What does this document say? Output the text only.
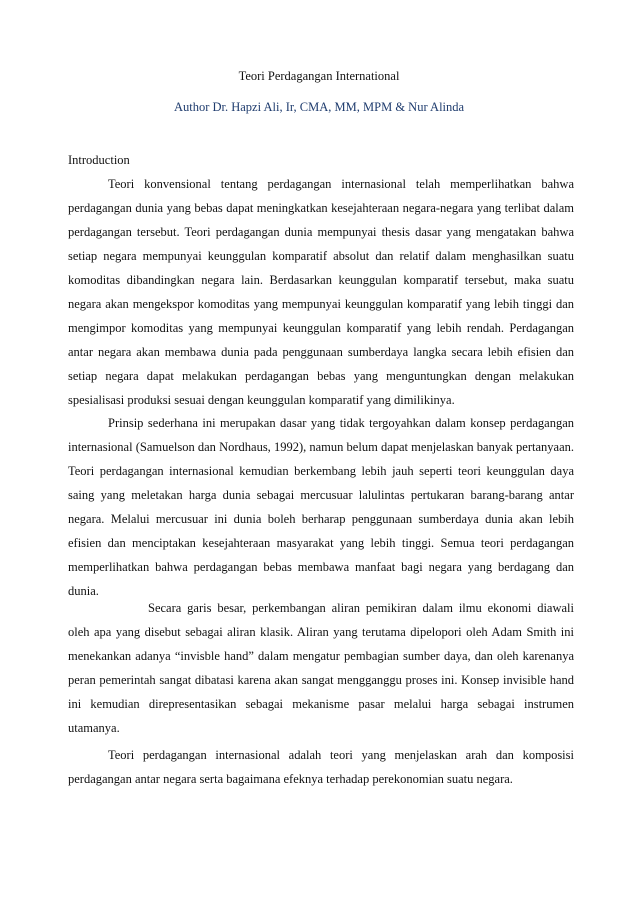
Teori Perdagangan International
Author Dr. Hapzi Ali, Ir, CMA, MM, MPM & Nur Alinda
Introduction

Teori konvensional tentang perdagangan internasional telah memperlihatkan bahwa perdagangan dunia yang bebas dapat meningkatkan kesejahteraan negara-negara yang terlibat dalam perdagangan tersebut. Teori perdagangan dunia mempunyai thesis dasar yang mengatakan bahwa setiap negara mempunyai keunggulan komparatif absolut dan relatif dalam menghasilkan suatu komoditas dibandingkan negara lain. Berdasarkan keunggulan komparatif tersebut, maka suatu negara akan mengekspor komoditas yang mempunyai keunggulan komparatif yang lebih tinggi dan mengimpor komoditas yang mempunyai keunggulan komparatif yang lebih rendah. Perdagangan antar negara akan membawa dunia pada penggunaan sumberdaya langka secara lebih efisien dan setiap negara dapat melakukan perdagangan bebas yang menguntungkan dengan melakukan spesialisasi produksi sesuai dengan keunggulan komparatif yang dimilikinya.

Prinsip sederhana ini merupakan dasar yang tidak tergoyahkan dalam konsep perdagangan internasional (Samuelson dan Nordhaus, 1992), namun belum dapat menjelaskan banyak pertanyaan. Teori perdagangan internasional kemudian berkembang lebih jauh seperti teori keunggulan daya saing yang meletakan harga dunia sebagai mercusuar lalulintas pertukaran barang-barang antar negara. Melalui mercusuar ini dunia boleh berharap penggunaan sumberdaya dunia akan lebih efisien dan menciptakan kesejahteraan masyarakat yang lebih tinggi. Semua teori perdagangan memperlihatkan bahwa perdagangan bebas membawa manfaat bagi negara yang berdagang dan dunia.

Secara garis besar, perkembangan aliran pemikiran dalam ilmu ekonomi diawali oleh apa yang disebut sebagai aliran klasik. Aliran yang terutama dipelopori oleh Adam Smith ini menekankan adanya “invisble hand” dalam mengatur pembagian sumber daya, dan oleh karenanya peran pemerintah sangat dibatasi karena akan sangat mengganggu proses ini. Konsep invisible hand ini kemudian direpresentasikan sebagai mekanisme pasar melalui harga sebagai instrumen utamanya.

Teori perdagangan internasional adalah teori yang menjelaskan arah dan komposisi perdagangan antar negara serta bagaimana efeknya terhadap perekonomian suatu negara.
